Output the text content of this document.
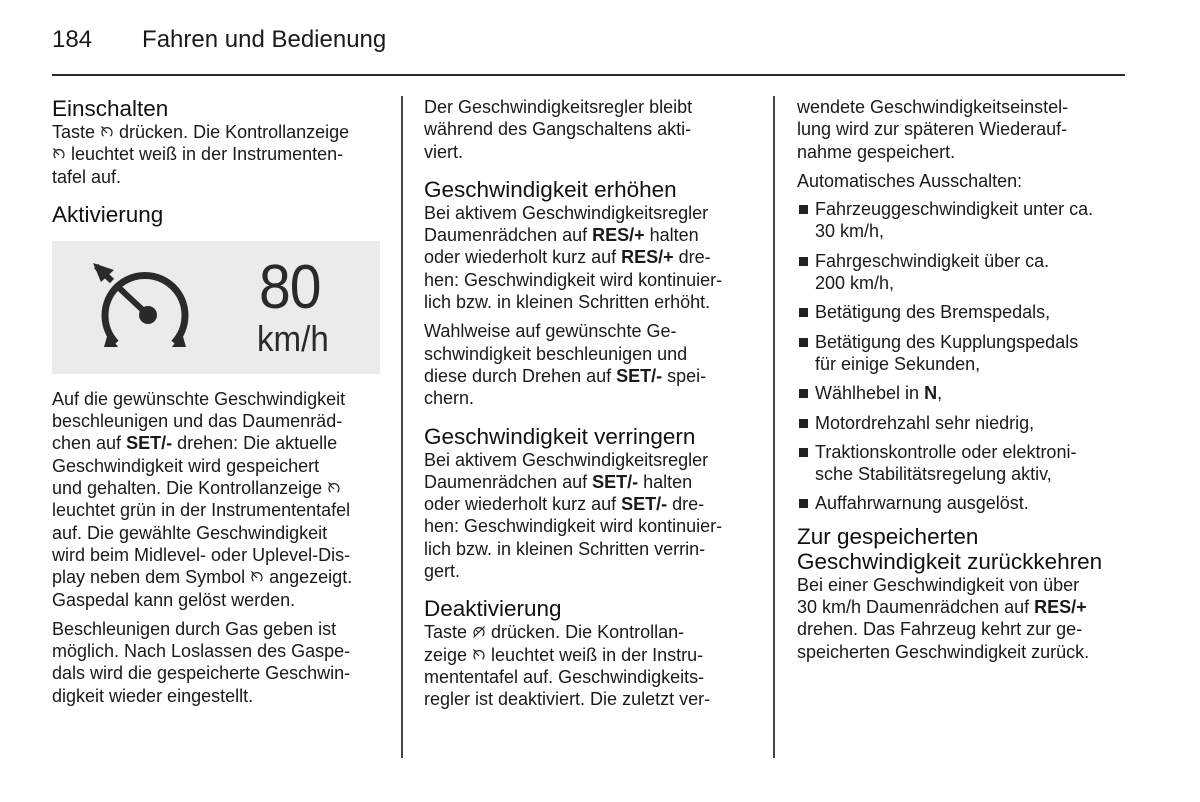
184 Fahren und Bedienung
Einschalten

Taste
drücken. Die Kontrollanzeige

leuchtet weiß in der Instrumenten-
tafel auf.

Aktivierung
80
km/h

Auf die gewünschte Geschwindigkeit
beschleunigen und das Daumenräd-
chen auf SET/- drehen: Die aktuelle
Geschwindigkeit wird gespeichert
und gehalten. Die Kontrollanzeige

leuchtet grün in der Instrumententafel
auf. Die gewählte Geschwindigkeit
wird beim Midlevel- oder Uplevel-Dis-
play neben dem Symbol
angezeigt.
Gaspedal kann gelöst werden.

Beschleunigen durch Gas geben ist
möglich. Nach Loslassen des Gaspe-
dals wird die gespeicherte Geschwin-
digkeit wieder eingestellt.

Der Geschwindigkeitsregler bleibt
während des Gangschaltens akti-
viert.

Geschwindigkeit erhöhen

Bei aktivem Geschwindigkeitsregler
Daumenrädchen auf RES/+ halten
oder wiederholt kurz auf RES/+ dre-
hen: Geschwindigkeit wird kontinuier-
lich bzw. in kleinen Schritten erhöht.

Wahlweise auf gewünschte Ge-
schwindigkeit beschleunigen und
diese durch Drehen auf SET/- spei-
chern.

Geschwindigkeit verringern

Bei aktivem Geschwindigkeitsregler
Daumenrädchen auf SET/- halten
oder wiederholt kurz auf SET/- dre-
hen: Geschwindigkeit wird kontinuier-
lich bzw. in kleinen Schritten verrin-
gert.

Deaktivierung

Taste
drücken. Die Kontrollan-
zeige
leuchtet weiß in der Instru-
mententafel auf. Geschwindigkeits-
regler ist deaktiviert. Die zuletzt ver-

wendete Geschwindigkeitseinstel-
lung wird zur späteren Wiederauf-
nahme gespeichert.

Automatisches Ausschalten:

Fahrzeuggeschwindigkeit unter ca.
30 km/h,
Fahrgeschwindigkeit über ca.
200 km/h,
Betätigung des Bremspedals,
Betätigung des Kupplungspedals
für einige Sekunden,
Wählhebel in N,
Motordrehzahl sehr niedrig,
Traktionskontrolle oder elektroni-
sche Stabilitätsregelung aktiv,
Auffahrwarnung ausgelöst.
Zur gespeicherten
Geschwindigkeit zurückkehren

Bei einer Geschwindigkeit von über
30 km/h Daumenrädchen auf RES/+
drehen. Das Fahrzeug kehrt zur ge-
speicherten Geschwindigkeit zurück.
